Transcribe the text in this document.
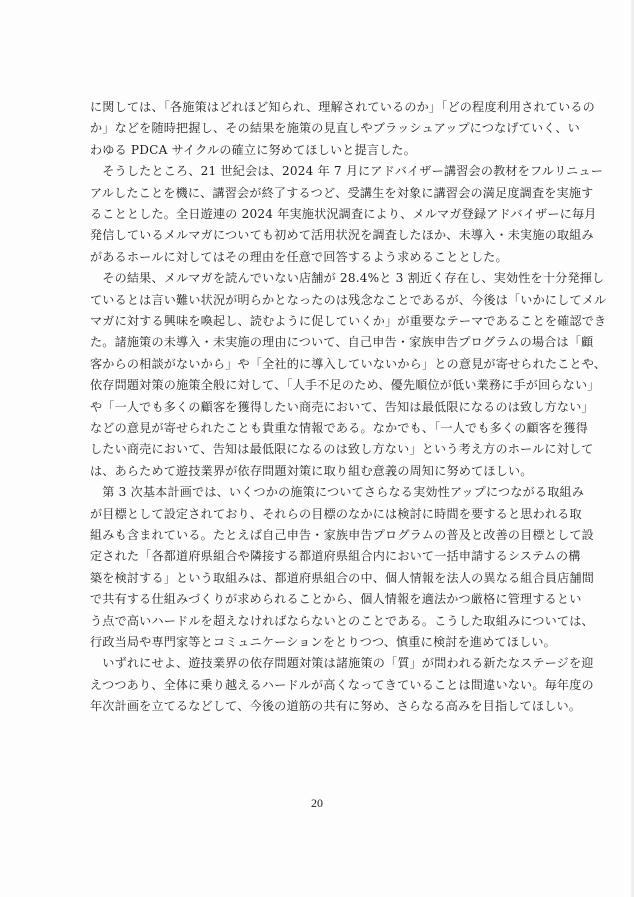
に関しては、「各施策はどれほど知られ、理解されているのか」「どの程度利用されているの
か」などを随時把握し、その結果を施策の見直しやブラッシュアップにつなげていく、い
わゆる PDCA サイクルの確立に努めてほしいと提言した。
　そうしたところ、21 世紀会は、2024 年 7 月にアドバイザー講習会の教材をフルリニュー
アルしたことを機に、講習会が終了するつど、受講生を対象に講習会の満足度調査を実施す
ることとした。全日遊連の 2024 年実施状況調査により、メルマガ登録アドバイザーに毎月
発信しているメルマガについても初めて活用状況を調査したほか、未導入・未実施の取組み
があるホールに対してはその理由を任意で回答するよう求めることとした。
　その結果、メルマガを読んでいない店舗が 28.4%と 3 割近く存在し、実効性を十分発揮し
ているとは言い難い状況が明らかとなったのは残念なことであるが、今後は「いかにしてメル
マガに対する興味を喚起し、読むように促していくか」が重要なテーマであることを確認でき
た。諸施策の未導入・未実施の理由について、自己申告・家族申告プログラムの場合は「顧
客からの相談がないから」や「全社的に導入していないから」との意見が寄せられたことや、
依存問題対策の施策全般に対して、「人手不足のため、優先順位が低い業務に手が回らない」
や「一人でも多くの顧客を獲得したい商売において、告知は最低限になるのは致し方ない」
などの意見が寄せられたことも貴重な情報である。なかでも、「一人でも多くの顧客を獲得
したい商売において、告知は最低限になるのは致し方ない」という考え方のホールに対して
は、あらためて遊技業界が依存問題対策に取り組む意義の周知に努めてほしい。
　第 3 次基本計画では、いくつかの施策についてさらなる実効性アップにつながる取組み
が目標として設定されており、それらの目標のなかには検討に時間を要すると思われる取
組みも含まれている。たとえば自己申告・家族申告プログラムの普及と改善の目標として設
定された「各都道府県組合や隣接する都道府県組合内において一括申請するシステムの構
築を検討する」という取組みは、都道府県組合の中、個人情報を法人の異なる組合員店舗間
で共有する仕組みづくりが求められることから、個人情報を適法かつ厳格に管理するとい
う点で高いハードルを超えなければならないとのことである。こうした取組みについては、
行政当局や専門家等とコミュニケーションをとりつつ、慎重に検討を進めてほしい。
　いずれにせよ、遊技業界の依存問題対策は諸施策の「質」が問われる新たなステージを迎
えつつあり、全体に乗り越えるハードルが高くなってきていることは間違いない。毎年度の
年次計画を立てるなどして、今後の道筋の共有に努め、さらなる高みを目指してほしい。
20
